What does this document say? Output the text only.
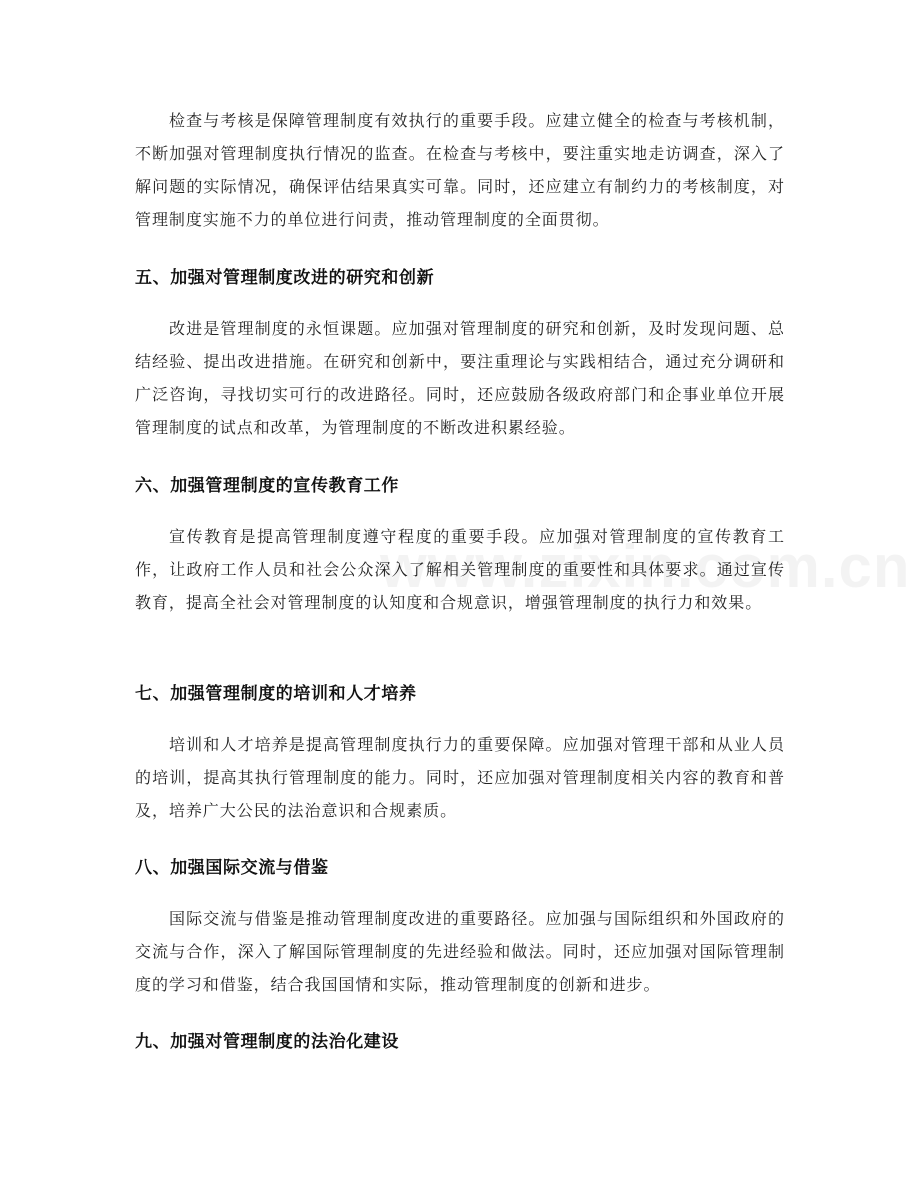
检查与考核是保障管理制度有效执行的重要手段。应建立健全的检查与考核机制，不断加强对管理制度执行情况的监查。在检查与考核中，要注重实地走访调查，深入了解问题的实际情况，确保评估结果真实可靠。同时，还应建立有制约力的考核制度，对管理制度实施不力的单位进行问责，推动管理制度的全面贯彻。

五、加强对管理制度改进的研究和创新

改进是管理制度的永恒课题。应加强对管理制度的研究和创新，及时发现问题、总结经验、提出改进措施。在研究和创新中，要注重理论与实践相结合，通过充分调研和广泛咨询，寻找切实可行的改进路径。同时，还应鼓励各级政府部门和企事业单位开展管理制度的试点和改革，为管理制度的不断改进积累经验。

六、加强管理制度的宣传教育工作

宣传教育是提高管理制度遵守程度的重要手段。应加强对管理制度的宣传教育工作，让政府工作人员和社会公众深入了解相关管理制度的重要性和具体要求。通过宣传教育，提高全社会对管理制度的认知度和合规意识，增强管理制度的执行力和效果。

七、加强管理制度的培训和人才培养

培训和人才培养是提高管理制度执行力的重要保障。应加强对管理干部和从业人员的培训，提高其执行管理制度的能力。同时，还应加强对管理制度相关内容的教育和普及，培养广大公民的法治意识和合规素质。

八、加强国际交流与借鉴

国际交流与借鉴是推动管理制度改进的重要路径。应加强与国际组织和外国政府的交流与合作，深入了解国际管理制度的先进经验和做法。同时，还应加强对国际管理制度的学习和借鉴，结合我国国情和实际，推动管理制度的创新和进步。

九、加强对管理制度的法治化建设
